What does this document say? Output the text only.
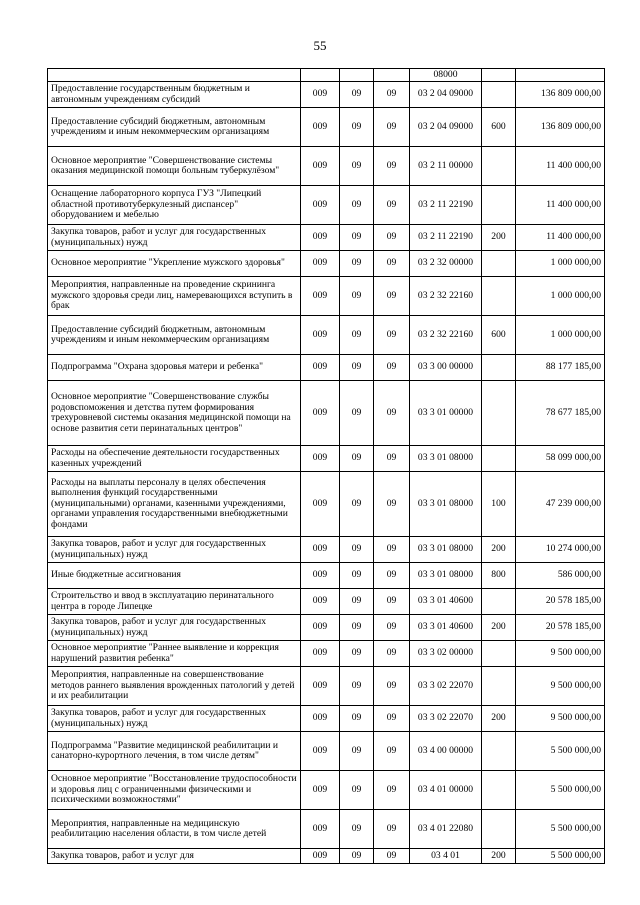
55
				08000		
Предоставление государственным бюджетным и автономным учреждениям субсидий	009	09	09	03 2 04 09000		136 809 000,00
Предоставление субсидий бюджетным, автономным учреждениям и иным некоммерческим организациям	009	09	09	03 2 04 09000	600	136 809 000,00
Основное мероприятие "Совершенствование системы оказания медицинской помощи больным туберкулёзом"	009	09	09	03 2 11 00000		11 400 000,00
Оснащение лабораторного корпуса ГУЗ "Липецкий областной противотуберкулезный диспансер" оборудованием и мебелью	009	09	09	03 2 11 22190		11 400 000,00
Закупка товаров, работ и услуг для государственных (муниципальных) нужд	009	09	09	03 2 11 22190	200	11 400 000,00
Основное мероприятие "Укрепление мужского здоровья"	009	09	09	03 2 32 00000		1 000 000,00
Мероприятия, направленные на проведение скрининга мужского здоровья среди лиц, намеревающихся вступить в брак	009	09	09	03 2 32 22160		1 000 000,00
Предоставление субсидий бюджетным, автономным учреждениям и иным некоммерческим организациям	009	09	09	03 2 32 22160	600	1 000 000,00
Подпрограмма "Охрана здоровья матери и ребенка"	009	09	09	03 3 00 00000		88 177 185,00
Основное мероприятие "Совершенствование службы родовспоможения и детства путем формирования трехуровневой системы оказания медицинской помощи на основе развития сети перинатальных центров"	009	09	09	03 3 01 00000		78 677 185,00
Расходы на обеспечение деятельности государственных казенных учреждений	009	09	09	03 3 01 08000		58 099 000,00
Расходы на выплаты персоналу в целях обеспечения выполнения функций государственными (муниципальными) органами, казенными учреждениями, органами управления государственными внебюджетными фондами	009	09	09	03 3 01 08000	100	47 239 000,00
Закупка товаров, работ и услуг для государственных (муниципальных) нужд	009	09	09	03 3 01 08000	200	10 274 000,00
Иные бюджетные ассигнования	009	09	09	03 3 01 08000	800	586 000,00
Строительство и ввод в эксплуатацию перинатального центра в городе Липецке	009	09	09	03 3 01 40600		20 578 185,00
Закупка товаров, работ и услуг для государственных (муниципальных) нужд	009	09	09	03 3 01 40600	200	20 578 185,00
Основное мероприятие "Раннее выявление и коррекция нарушений развития ребенка"	009	09	09	03 3 02 00000		9 500 000,00
Мероприятия, направленные на совершенствование методов раннего выявления врожденных патологий у детей и их реабилитации	009	09	09	03 3 02 22070		9 500 000,00
Закупка товаров, работ и услуг для государственных (муниципальных) нужд	009	09	09	03 3 02 22070	200	9 500 000,00
Подпрограмма "Развитие медицинской реабилитации и санаторно-курортного лечения, в том числе детям"	009	09	09	03 4 00 00000		5 500 000,00
Основное мероприятие "Восстановление трудоспособности и здоровья лиц с ограниченными физическими и психическими возможностями"	009	09	09	03 4 01 00000		5 500 000,00
Мероприятия, направленные на медицинскую реабилитацию населения области, в том числе детей	009	09	09	03 4 01 22080		5 500 000,00
Закупка товаров, работ и услуг для	009	09	09	03 4 01	200	5 500 000,00
